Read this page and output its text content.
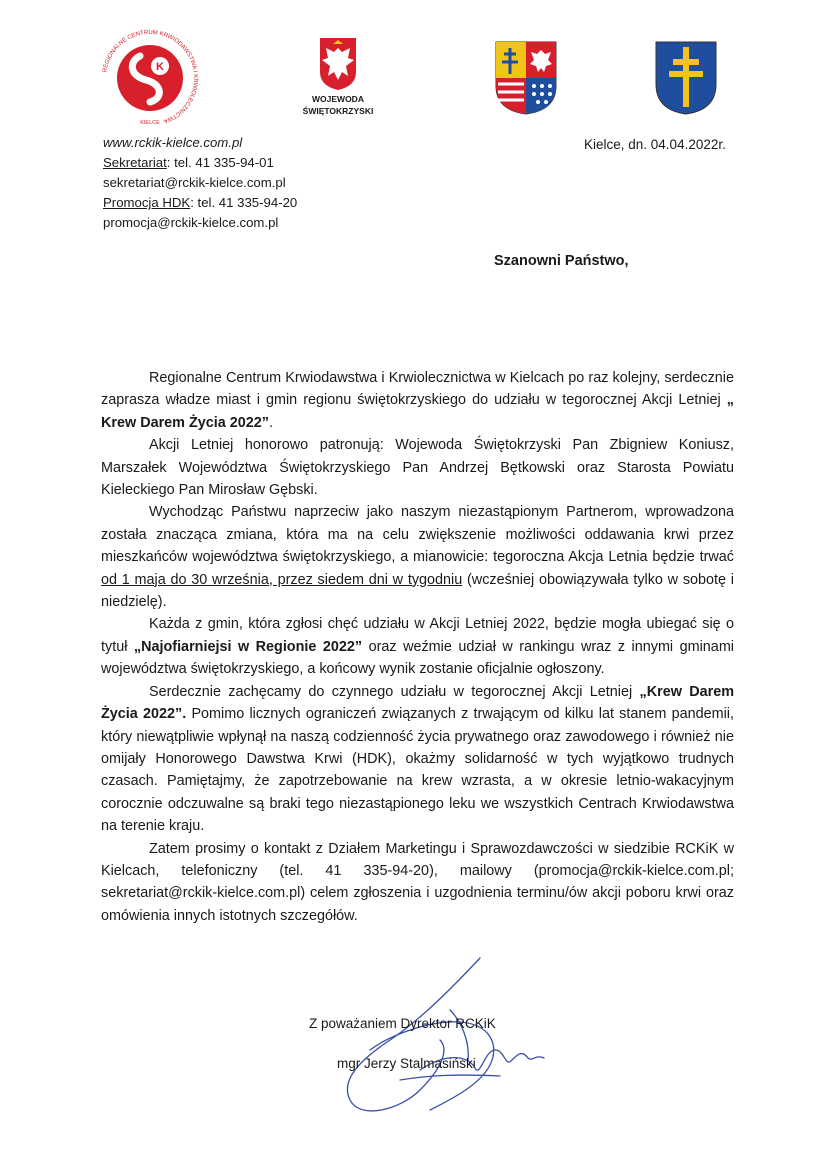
REGIONALNE CENTRUM KRWIODAWSTWA I KRWIOLECZNICTWA
K
KIELCE
WOJEWODA
ŚWIĘTOKRZYSKI
www.rckik-kielce.com.pl
Sekretariat: tel. 41 335-94-01
sekretariat@rckik-kielce.com.pl
Promocja HDK: tel. 41 335-94-20
promocja@rckik-kielce.com.pl
Kielce, dn. 04.04.2022r.
Szanowni Państwo,

Regionalne Centrum Krwiodawstwa i Krwiolecznictwa w Kielcach po raz kolejny, serdecznie zaprasza władze miast i gmin regionu świętokrzyskiego do udziału w tegorocznej Akcji Letniej „ Krew Darem Życia 2022”.

Akcji Letniej honorowo patronują: Wojewoda Świętokrzyski Pan Zbigniew Koniusz, Marszałek Województwa Świętokrzyskiego Pan Andrzej Bętkowski oraz Starosta Powiatu Kieleckiego Pan Mirosław Gębski.

Wychodząc Państwu naprzeciw jako naszym niezastąpionym Partnerom, wprowadzona została znacząca zmiana, która ma na celu zwiększenie możliwości oddawania krwi przez mieszkańców województwa świętokrzyskiego, a mianowicie: tegoroczna Akcja Letnia będzie trwać od 1 maja do 30 września, przez siedem dni w tygodniu (wcześniej obowiązywała tylko w sobotę i niedzielę).

Każda z gmin, która zgłosi chęć udziału w Akcji Letniej 2022, będzie mogła ubiegać się o tytuł „Najofiarniejsi w Regionie 2022” oraz weźmie udział w rankingu wraz z innymi gminami województwa świętokrzyskiego, a końcowy wynik zostanie oficjalnie ogłoszony.

Serdecznie zachęcamy do czynnego udziału w tegorocznej Akcji Letniej „Krew Darem Życia 2022”. Pomimo licznych ograniczeń związanych z trwającym od kilku lat stanem pandemii, który niewątpliwie wpłynął na naszą codzienność życia prywatnego oraz zawodowego i również nie omijały Honorowego Dawstwa Krwi (HDK), okażmy solidarność w tych wyjątkowo trudnych czasach. Pamiętajmy, że zapotrzebowanie na krew wzrasta, a w okresie letnio-wakacyjnym corocznie odczuwalne są braki tego niezastąpionego leku we wszystkich Centrach Krwiodawstwa na terenie kraju.

Zatem prosimy o kontakt z Działem Marketingu i Sprawozdawczości w siedzibie RCKiK w Kielcach, telefoniczny (tel. 41 335-94-20), mailowy (promocja@rckik-kielce.com.pl; sekretariat@rckik-kielce.com.pl) celem zgłoszenia i uzgodnienia terminu/ów akcji poboru krwi oraz omówienia innych istotnych szczegółów.

Z poważaniem Dyrektor RCKiK
mgr Jerzy Stalmasiński
